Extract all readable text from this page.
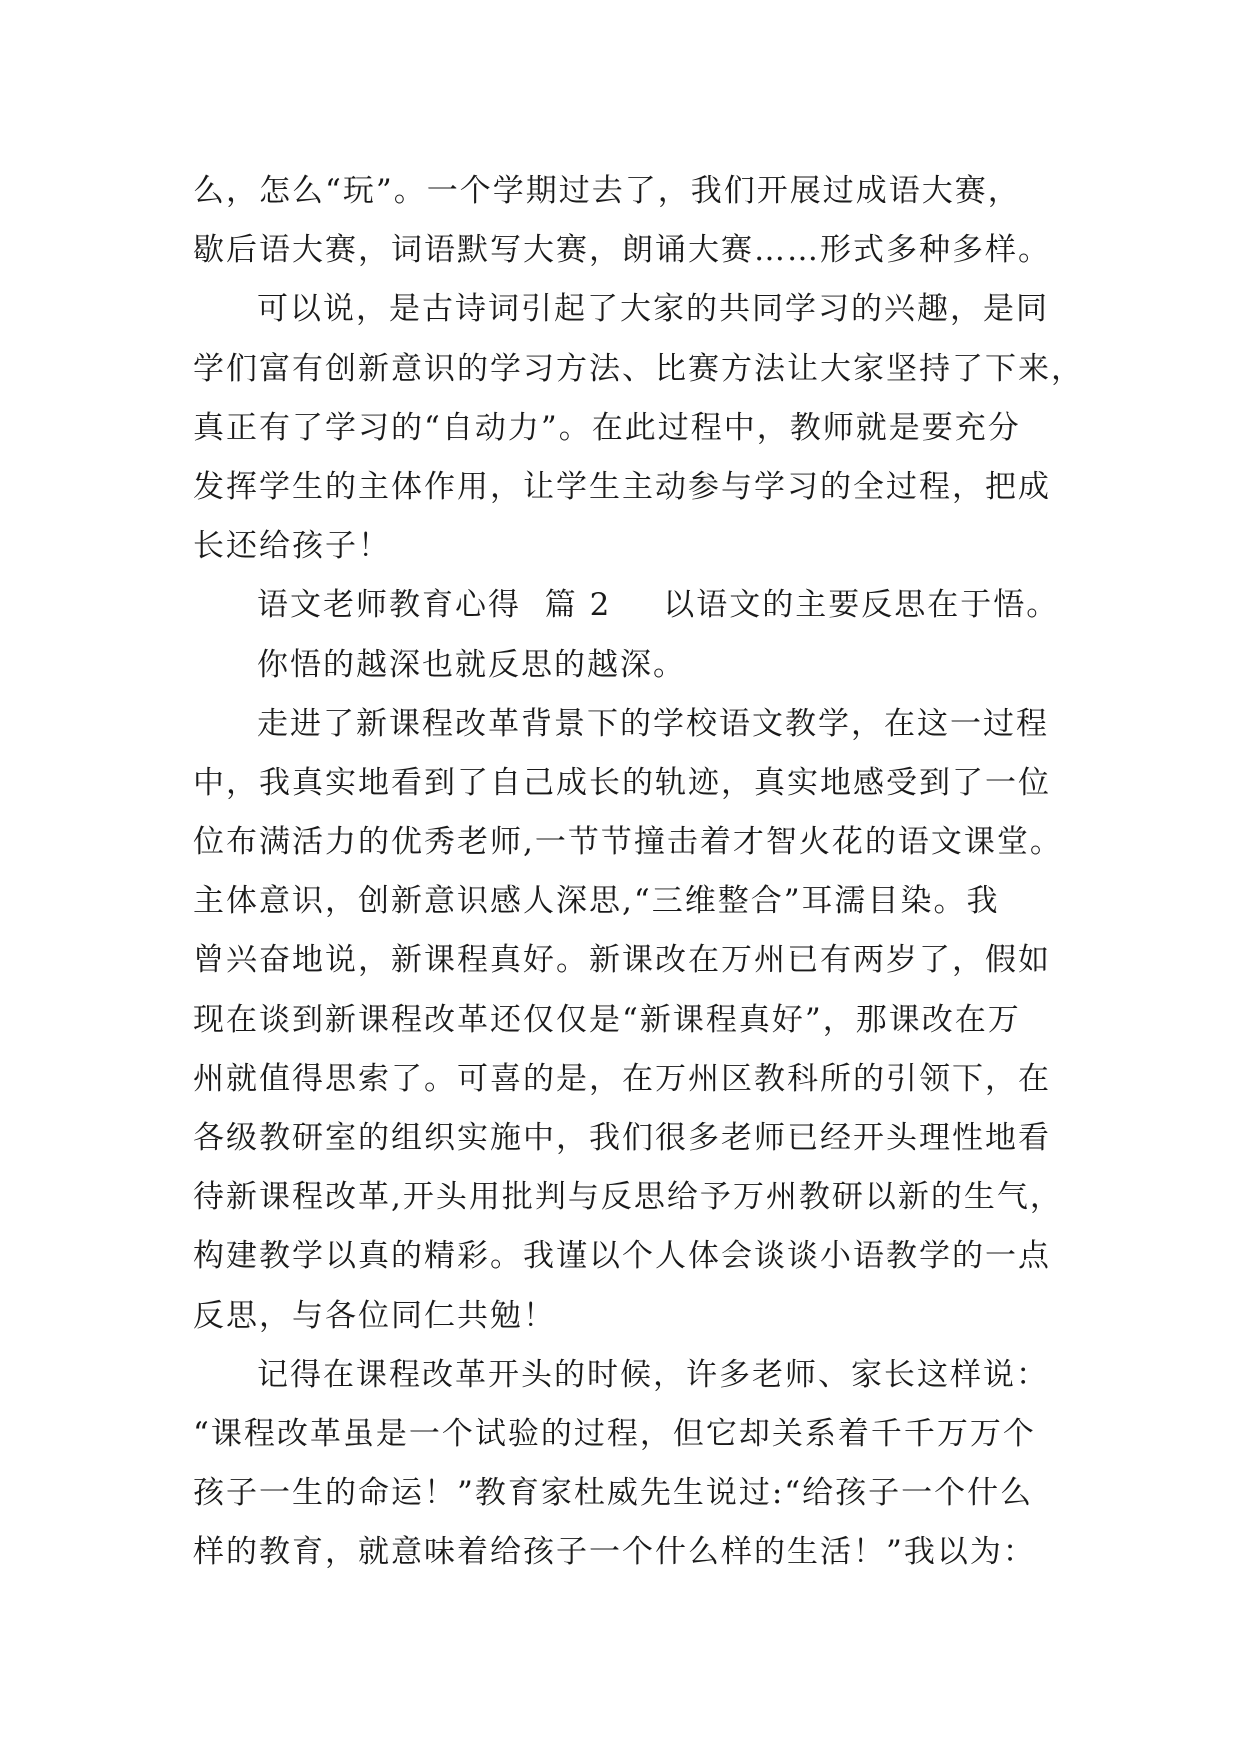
么，怎么“玩”。一个学期过去了，我们开展过成语大赛，
歇后语大赛，词语默写大赛，朗诵大赛……形式多种多样。
可以说，是古诗词引起了大家的共同学习的兴趣，是同
学们富有创新意识的学习方法、比赛方法让大家坚持了下来，
真正有了学习的“自动力”。在此过程中，教师就是要充分
发挥学生的主体作用，让学生主动参与学习的全过程，把成
长还给孩子！
语文老师教育心得 篇 2 以语文的主要反思在于悟。
你悟的越深也就反思的越深。
走进了新课程改革背景下的学校语文教学，在这一过程
中，我真实地看到了自己成长的轨迹，真实地感受到了一位
位布满活力的优秀老师,一节节撞击着才智火花的语文课堂。
主体意识，创新意识感人深思,“三维整合”耳濡目染。我
曾兴奋地说，新课程真好。新课改在万州已有两岁了，假如
现在谈到新课程改革还仅仅是“新课程真好”，那课改在万
州就值得思索了。可喜的是，在万州区教科所的引领下，在
各级教研室的组织实施中，我们很多老师已经开头理性地看
待新课程改革,开头用批判与反思给予万州教研以新的生气，
构建教学以真的精彩。我谨以个人体会谈谈小语教学的一点
反思，与各位同仁共勉！
记得在课程改革开头的时候，许多老师、家长这样说：
“课程改革虽是一个试验的过程，但它却关系着千千万万个
孩子一生的命运！”教育家杜威先生说过:“给孩子一个什么
样的教育，就意味着给孩子一个什么样的生活！”我以为：
